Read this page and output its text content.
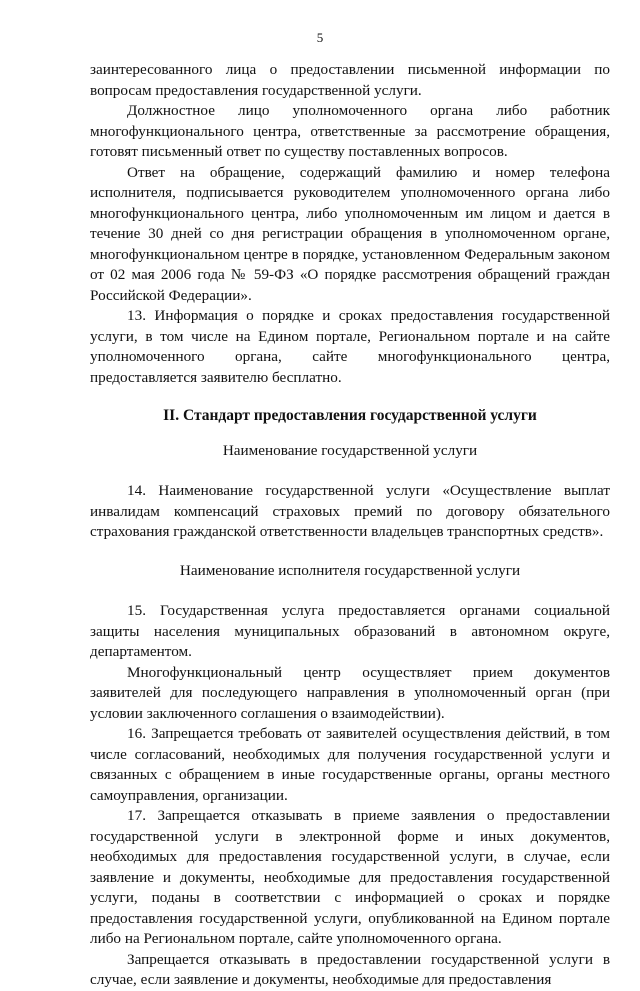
5

заинтересованного лица о предоставлении письменной информации по вопросам предоставления государственной услуги.

Должностное лицо уполномоченного органа либо работник многофункционального центра, ответственные за рассмотрение обращения, готовят письменный ответ по существу поставленных вопросов.

Ответ на обращение, содержащий фамилию и номер телефона исполнителя, подписывается руководителем уполномоченного органа либо многофункционального центра, либо уполномоченным им лицом и дается в течение 30 дней со дня регистрации обращения в уполномоченном органе, многофункциональном центре в порядке, установленном Федеральным законом от 02 мая 2006 года № 59-ФЗ «О порядке рассмотрения обращений граждан Российской Федерации».

13. Информация о порядке и сроках предоставления государственной услуги, в том числе на Едином портале, Региональном портале и на сайте уполномоченного органа, сайте многофункционального центра, предоставляется заявителю бесплатно.

II. Стандарт предоставления государственной услуги
Наименование государственной услуги

14. Наименование государственной услуги «Осуществление выплат инвалидам компенсаций страховых премий по договору обязательного страхования гражданской ответственности владельцев транспортных средств».

Наименование исполнителя государственной услуги

15. Государственная услуга предоставляется органами социальной защиты населения муниципальных образований в автономном округе, департаментом.

Многофункциональный центр осуществляет прием документов заявителей для последующего направления в уполномоченный орган (при условии заключенного соглашения о взаимодействии).

16. Запрещается требовать от заявителей осуществления действий, в том числе согласований, необходимых для получения государственной услуги и связанных с обращением в иные государственные органы, органы местного самоуправления, организации.

17. Запрещается отказывать в приеме заявления о предоставлении государственной услуги в электронной форме и иных документов, необходимых для предоставления государственной услуги, в случае, если заявление и документы, необходимые для предоставления государственной услуги, поданы в соответствии с информацией о сроках и порядке предоставления государственной услуги, опубликованной на Едином портале либо на Региональном портале, сайте уполномоченного органа.

Запрещается отказывать в предоставлении государственной услуги в случае, если заявление и документы, необходимые для предоставления
